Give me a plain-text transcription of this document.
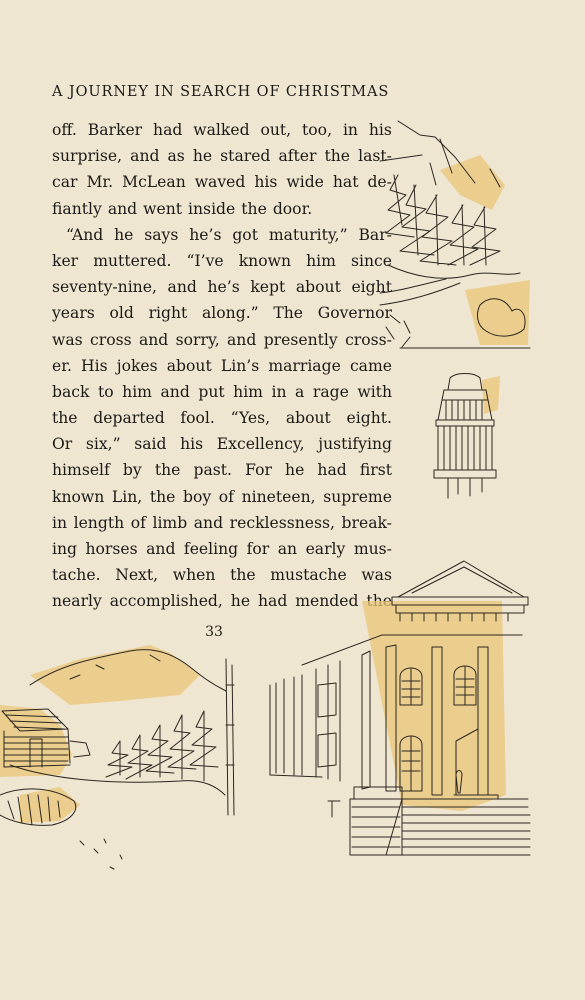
A JOURNEY IN SEARCH OF CHRISTMAS
off. Barker had walked out, too, in his
surprise, and as he stared after the last-
car Mr. McLean waved his wide hat de-
fiantly and went inside the door.
“And he says he’s got maturity,” Bar-
ker muttered. “I’ve known him since
seventy-nine, and he’s kept about eight
years old right along.” The Governor
was cross and sorry, and presently cross-
er. His jokes about Lin’s marriage came
back to him and put him in a rage with
the departed fool. “Yes, about eight.
Or six,” said his Excellency, justifying
himself by the past. For he had first
known Lin, the boy of nineteen, supreme
in length of limb and recklessness, break-
ing horses and feeling for an early mus-
tache. Next, when the mustache was
nearly accomplished, he had mended
33
